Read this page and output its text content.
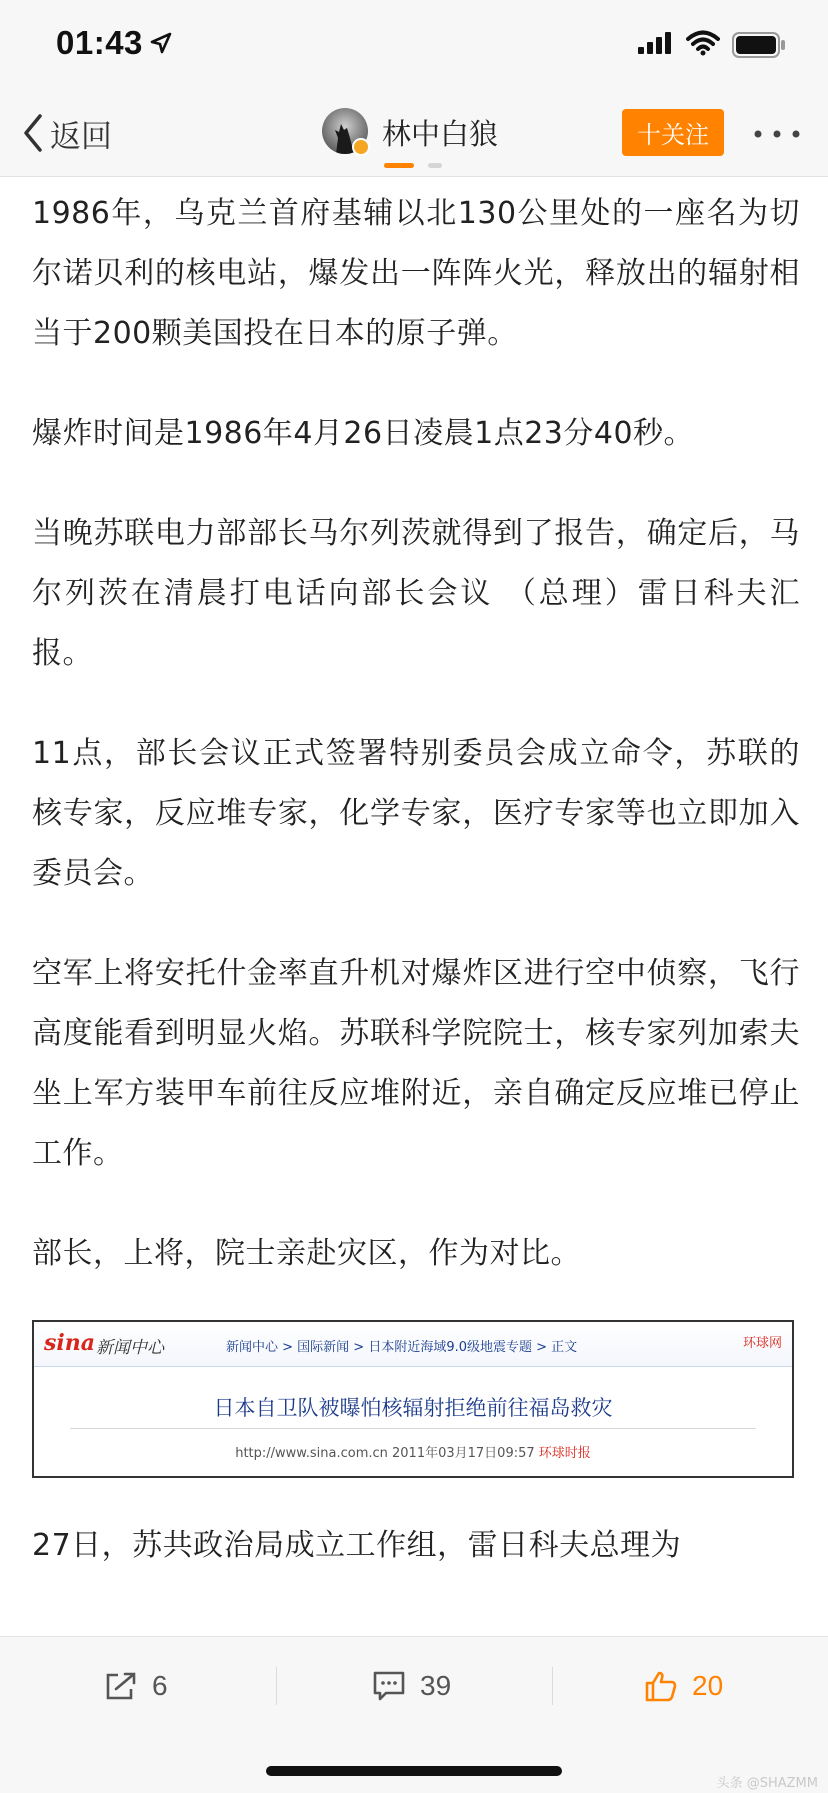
01:43
返回	林中白狼	十关注

1986年，乌克兰首府基辅以北130公里处的一座名为切尔诺贝利的核电站，爆发出一阵阵火光，释放出的辐射相当于200颗美国投在日本的原子弹。

爆炸时间是1986年4月26日凌晨1点23分40秒。

当晚苏联电力部部长马尔列茨就得到了报告，确定后，马尔列茨在清晨打电话向部长会议 （总理）雷日科夫汇报。

11点，部长会议正式签署特别委员会成立命令，苏联的核专家，反应堆专家，化学专家，医疗专家等也立即加入委员会。

空军上将安托什金率直升机对爆炸区进行空中侦察，飞行高度能看到明显火焰。苏联科学院院士，核专家列加索夫坐上军方装甲车前往反应堆附近，亲自确定反应堆已停止工作。

部长，上将，院士亲赴灾区，作为对比。

sina 新闻中心	新闻中心 > 国际新闻 > 日本附近海域9.0级地震专题 > 正文	环球网
日本自卫队被曝怕核辐射拒绝前往福岛救灾
http://www.sina.com.cn 2011年03月17日09:57 环球时报

27日，苏共政治局成立工作组，雷日科夫总理为

6	39	20
头条 @SHAZMM
